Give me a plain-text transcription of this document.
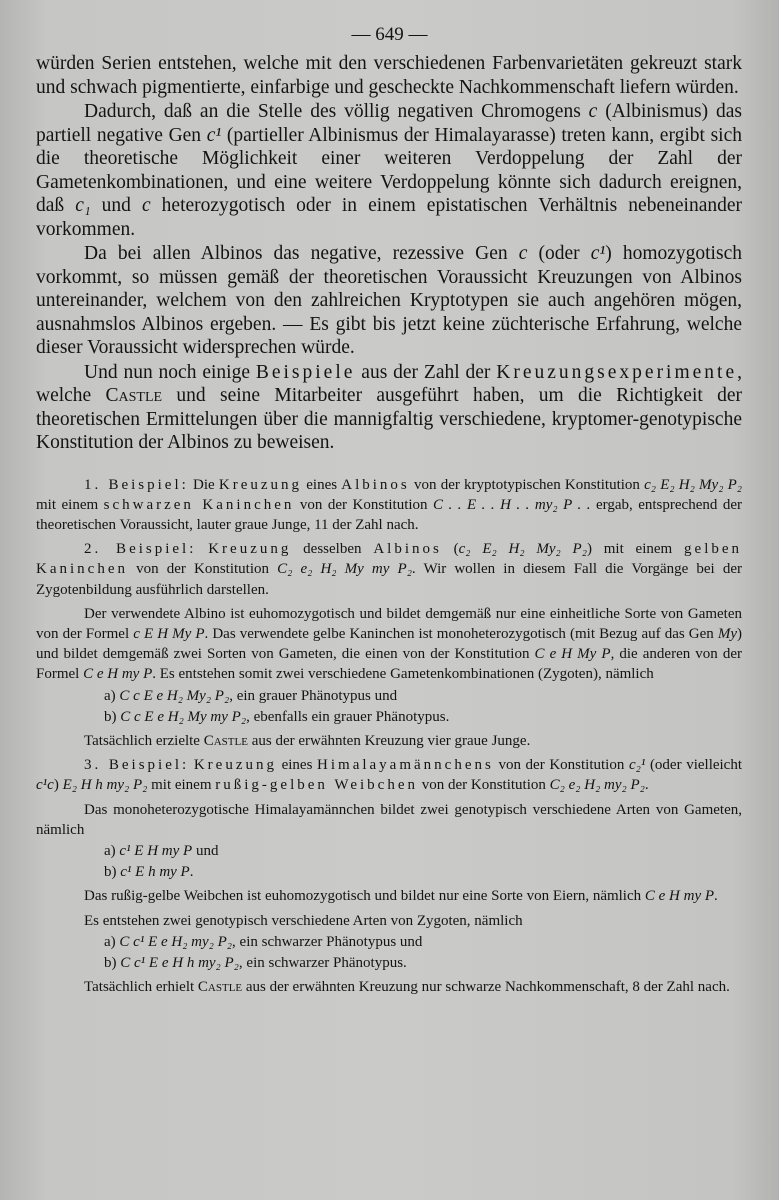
— 649 —

würden Serien entstehen, welche mit den verschiedenen Farbenvarietäten gekreuzt stark und schwach pigmentierte, einfarbige und gescheckte Nachkommenschaft liefern würden.

Dadurch, daß an die Stelle des völlig negativen Chromogens c (Albinismus) das partiell negative Gen c¹ (partieller Albinismus der Himalayarasse) treten kann, ergibt sich die theoretische Möglichkeit einer weiteren Verdoppelung der Zahl der Gametenkombinationen, und eine weitere Verdoppelung könnte sich dadurch ereignen, daß c₁ und c heterozygotisch oder in einem epistatischen Verhältnis nebeneinander vorkommen.

Da bei allen Albinos das negative, rezessive Gen c (oder c¹) homozygotisch vorkommt, so müssen gemäß der theoretischen Voraussicht Kreuzungen von Albinos untereinander, welchem von den zahlreichen Kryptotypen sie auch angehören mögen, ausnahmslos Albinos ergeben. — Es gibt bis jetzt keine züchterische Erfahrung, welche dieser Voraussicht widersprechen würde.

Und nun noch einige Beispiele aus der Zahl der Kreuzungsexperimente, welche Castle und seine Mitarbeiter ausgeführt haben, um die Richtigkeit der theoretischen Ermittelungen über die mannigfaltig verschiedene, kryptomer-genotypische Konstitution der Albinos zu beweisen.

1. Beispiel: Die Kreuzung eines Albinos von der kryptotypischen Konstitution c₂ E₂ H₂ My₂ P₂ mit einem schwarzen Kaninchen von der Konstitution C . . E . . H . . my₂ P . . ergab, entsprechend der theoretischen Voraussicht, lauter graue Junge, 11 der Zahl nach.

2. Beispiel: Kreuzung desselben Albinos (c₂ E₂ H₂ My₂ P₂) mit einem gelben Kaninchen von der Konstitution C₂ e₂ H₂ My my P₂. Wir wollen in diesem Fall die Vorgänge bei der Zygotenbildung ausführlich darstellen.

Der verwendete Albino ist euhomozygotisch und bildet demgemäß nur eine einheitliche Sorte von Gameten von der Formel c E H My P. Das verwendete gelbe Kaninchen ist monoheterozygotisch (mit Bezug auf das Gen My) und bildet demgemäß zwei Sorten von Gameten, die einen von der Konstitution C e H My P, die anderen von der Formel C e H my P. Es entstehen somit zwei verschiedene Gametenkombinationen (Zygoten), nämlich

a) C c E e H₂ My₂ P₂, ein grauer Phänotypus und

b) C c E e H₂ My my P₂, ebenfalls ein grauer Phänotypus.

Tatsächlich erzielte Castle aus der erwähnten Kreuzung vier graue Junge.

3. Beispiel: Kreuzung eines Himalayamännchens von der Konstitution c₂¹ (oder vielleicht c¹c) E₂ H h my₂ P₂ mit einem rußig-gelben Weibchen von der Konstitution C₂ e₂ H₂ my₂ P₂.

Das monoheterozygotische Himalayamännchen bildet zwei genotypisch verschiedene Arten von Gameten, nämlich

a) c¹ E H my P und

b) c¹ E h my P.

Das rußig-gelbe Weibchen ist euhomozygotisch und bildet nur eine Sorte von Eiern, nämlich C e H my P.

Es entstehen zwei genotypisch verschiedene Arten von Zygoten, nämlich

a) C c¹ E e H₂ my₂ P₂, ein schwarzer Phänotypus und

b) C c¹ E e H h my₂ P₂, ein schwarzer Phänotypus.

Tatsächlich erhielt Castle aus der erwähnten Kreuzung nur schwarze Nachkommenschaft, 8 der Zahl nach.
